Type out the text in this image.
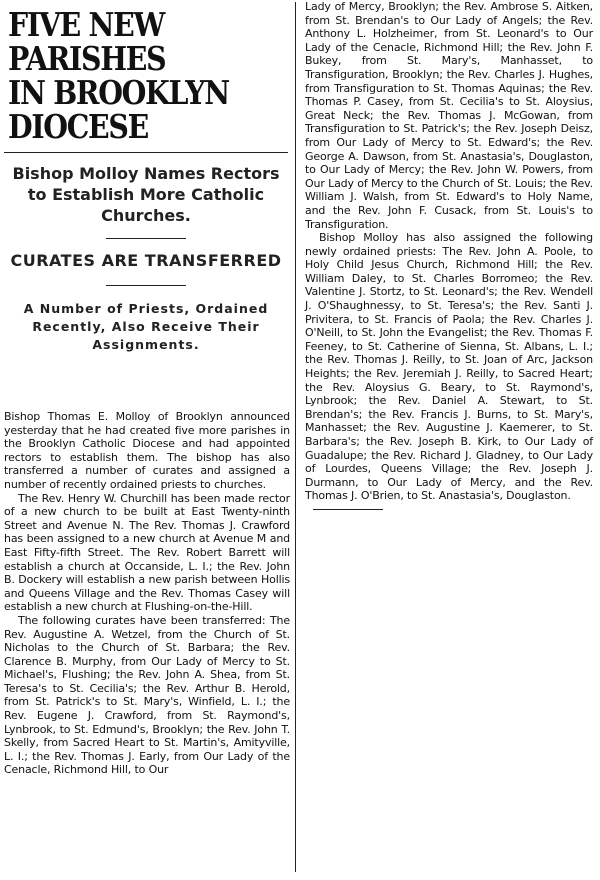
FIVE NEW PARISHES
IN BROOKLYN DIOCESE
Bishop Molloy Names Rectors to Establish More Catholic Churches.
CURATES ARE TRANSFERRED
A Number of Priests, Ordained Recently, Also Receive Their Assignments.

Bishop Thomas E. Molloy of Brooklyn announced yesterday that he had created five more parishes in the Brooklyn Catholic Diocese and had appointed rectors to establish them. The bishop has also transferred a number of curates and assigned a number of recently ordained priests to churches.

The Rev. Henry W. Churchill has been made rector of a new church to be built at East Twenty-ninth Street and Avenue N. The Rev. Thomas J. Crawford has been assigned to a new church at Avenue M and East Fifty-fifth Street. The Rev. Robert Barrett will establish a church at Occanside, L. I.; the Rev. John B. Dockery will establish a new parish between Hollis and Queens Village and the Rev. Thomas Casey will establish a new church at Flushing-on-the-Hill.

The following curates have been transferred: The Rev. Augustine A. Wetzel, from the Church of St. Nicholas to the Church of St. Barbara; the Rev. Clarence B. Murphy, from Our Lady of Mercy to St. Michael's, Flushing; the Rev. John A. Shea, from St. Teresa's to St. Cecilia's; the Rev. Arthur B. Herold, from St. Patrick's to St. Mary's, Winfield, L. I.; the Rev. Eugene J. Crawford, from St. Raymond's, Lynbrook, to St. Edmund's, Brooklyn; the Rev. John T. Skelly, from Sacred Heart to St. Martin's, Amityville, L. I.; the Rev. Thomas J. Early, from Our Lady of the Cenacle, Richmond Hill, to Our

Lady of Mercy, Brooklyn; the Rev. Ambrose S. Aitken, from St. Brendan's to Our Lady of Angels; the Rev. Anthony L. Holzheimer, from St. Leonard's to Our Lady of the Cenacle, Richmond Hill; the Rev. John F. Bukey, from St. Mary's, Manhasset, to Transfiguration, Brooklyn; the Rev. Charles J. Hughes, from Transfiguration to St. Thomas Aquinas; the Rev. Thomas P. Casey, from St. Cecilia's to St. Aloysius, Great Neck; the Rev. Thomas J. McGowan, from Transfiguration to St. Patrick's; the Rev. Joseph Deisz, from Our Lady of Mercy to St. Edward's; the Rev. George A. Dawson, from St. Anastasia's, Douglaston, to Our Lady of Mercy; the Rev. John W. Powers, from Our Lady of Mercy to the Church of St. Louis; the Rev. William J. Walsh, from St. Edward's to Holy Name, and the Rev. John F. Cusack, from St. Louis's to Transfiguration.

Bishop Molloy has also assigned the following newly ordained priests: The Rev. John A. Poole, to Holy Child Jesus Church, Richmond Hill; the Rev. William Daley, to St. Charles Borromeo; the Rev. Valentine J. Stortz, to St. Leonard's; the Rev. Wendell J. O'Shaughnessy, to St. Teresa's; the Rev. Santi J. Privitera, to St. Francis of Paola; the Rev. Charles J. O'Neill, to St. John the Evangelist; the Rev. Thomas F. Feeney, to St. Catherine of Sienna, St. Albans, L. I.; the Rev. Thomas J. Reilly, to St. Joan of Arc, Jackson Heights; the Rev. Jeremiah J. Reilly, to Sacred Heart; the Rev. Aloysius G. Beary, to St. Raymond's, Lynbrook; the Rev. Daniel A. Stewart, to St. Brendan's; the Rev. Francis J. Burns, to St. Mary's, Manhasset; the Rev. Augustine J. Kaemerer, to St. Barbara's; the Rev. Joseph B. Kirk, to Our Lady of Guadalupe; the Rev. Richard J. Gladney, to Our Lady of Lourdes, Queens Village; the Rev. Joseph J. Durmann, to Our Lady of Mercy, and the Rev. Thomas J. O'Brien, to St. Anastasia's, Douglaston.
